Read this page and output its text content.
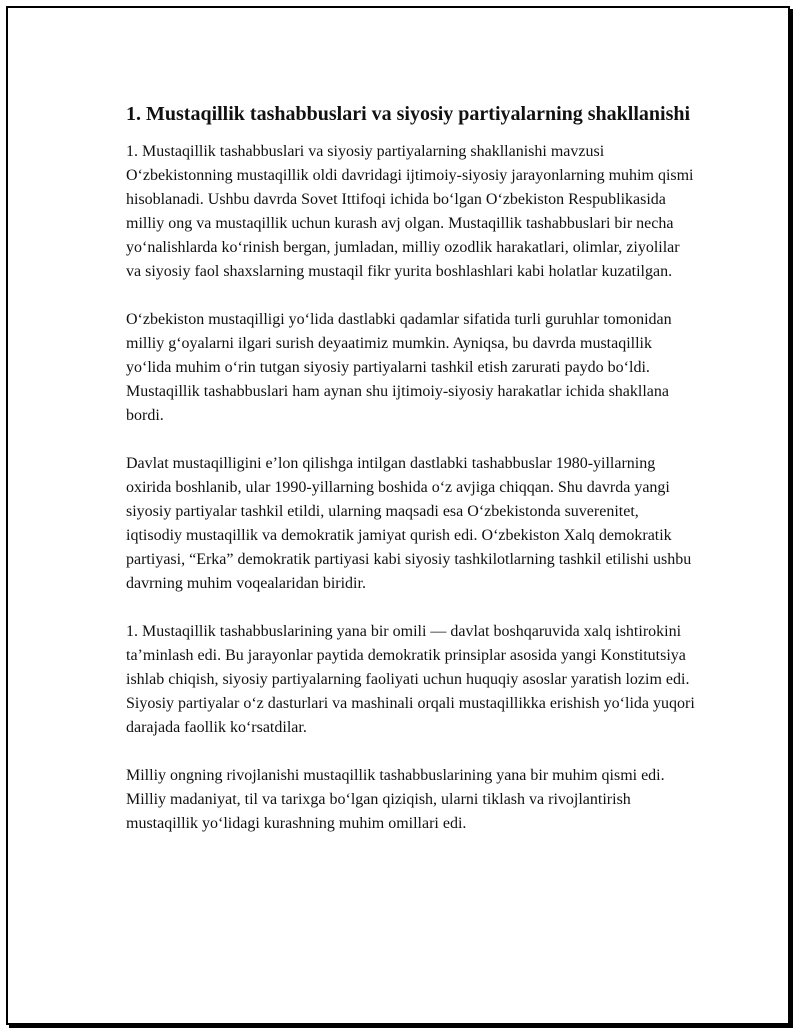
1. Mustaqillik tashabbuslari va siyosiy partiyalarning shakllanishi

1. Mustaqillik tashabbuslari va siyosiy partiyalarning shakllanishi mavzusi O‘zbekistonning mustaqillik oldi davridagi ijtimoiy-siyosiy jarayonlarning muhim qismi hisoblanadi. Ushbu davrda Sovet Ittifoqi ichida bo‘lgan O‘zbekiston Respublikasida milliy ong va mustaqillik uchun kurash avj olgan. Mustaqillik tashabbuslari bir necha yo‘nalishlarda ko‘rinish bergan, jumladan, milliy ozodlik harakatlari, olimlar, ziyolilar va siyosiy faol shaxslarning mustaqil fikr yurita boshlashlari kabi holatlar kuzatilgan.

O‘zbekiston mustaqilligi yo‘lida dastlabki qadamlar sifatida turli guruhlar tomonidan milliy g‘oyalarni ilgari surish deyaatimiz mumkin. Ayniqsa, bu davrda mustaqillik yo‘lida muhim o‘rin tutgan siyosiy partiyalarni tashkil etish zarurati paydo bo‘ldi. Mustaqillik tashabbuslari ham aynan shu ijtimoiy-siyosiy harakatlar ichida shakllana bordi.

Davlat mustaqilligini e’lon qilishga intilgan dastlabki tashabbuslar 1980-yillarning oxirida boshlanib, ular 1990-yillarning boshida o‘z avjiga chiqqan. Shu davrda yangi siyosiy partiyalar tashkil etildi, ularning maqsadi esa O‘zbekistonda suverenitet, iqtisodiy mustaqillik va demokratik jamiyat qurish edi. O‘zbekiston Xalq demokratik partiyasi, “Erka” demokratik partiyasi kabi siyosiy tashkilotlarning tashkil etilishi ushbu davrning muhim voqealaridan biridir.

1. Mustaqillik tashabbuslarining yana bir omili — davlat boshqaruvida xalq ishtirokini ta’minlash edi. Bu jarayonlar paytida demokratik prinsiplar asosida yangi Konstitutsiya ishlab chiqish, siyosiy partiyalarning faoliyati uchun huquqiy asoslar yaratish lozim edi. Siyosiy partiyalar o‘z dasturlari va mashinali orqali mustaqillikka erishish yo‘lida yuqori darajada faollik ko‘rsatdilar.

Milliy ongning rivojlanishi mustaqillik tashabbuslarining yana bir muhim qismi edi. Milliy madaniyat, til va tarixga bo‘lgan qiziqish, ularni tiklash va rivojlantirish mustaqillik yo‘lidagi kurashning muhim omillari edi.
